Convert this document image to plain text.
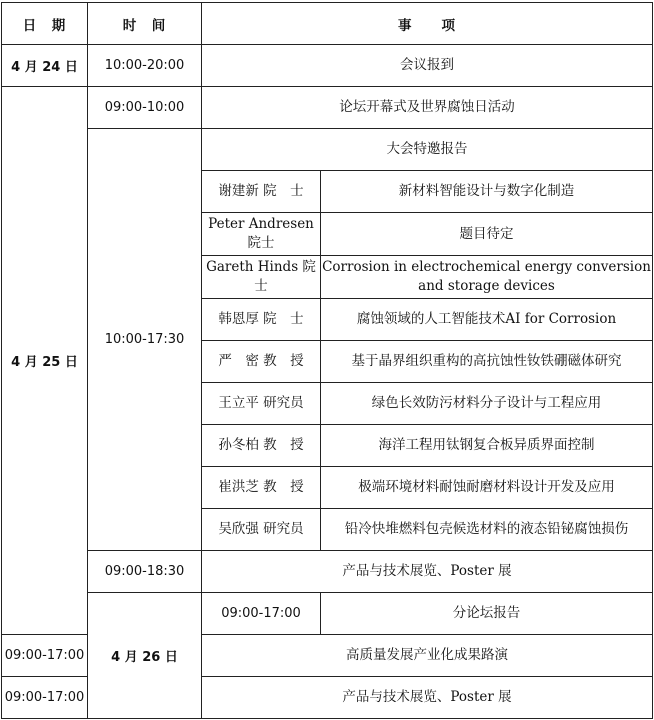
日　期	时　间	事　　项	
4 月 24 日	10:00-20:00	会议报到	
4 月 25 日	09:00-10:00	论坛开幕式及世界腐蚀日活动	
	10:00-17:30	大会特邀报告	
		谢建新 院　士	新材料智能设计与数字化制造
		Peter Andresen 院士	题目待定
		Gareth Hinds 院士	Corrosion in electrochemical energy conversion and storage devices
		韩恩厚 院　士	腐蚀领域的人工智能技术AI for Corrosion
		严　密 教　授	基于晶界组织重构的高抗蚀性钕铁硼磁体研究
		王立平 研究员	绿色长效防污材料分子设计与工程应用
		孙冬柏 教　授	海洋工程用钛钢复合板异质界面控制
		崔洪芝 教　授	极端环境材料耐蚀耐磨材料设计开发及应用
		吴欣强 研究员	铅冷快堆燃料包壳候选材料的液态铅铋腐蚀损伤
	09:00-18:30	产品与技术展览、Poster 展	
	4 月 26 日	09:00-17:00	分论坛报告
09:00-17:00		高质量发展产业化成果路演	
09:00-17:00		产品与技术展览、Poster 展	
